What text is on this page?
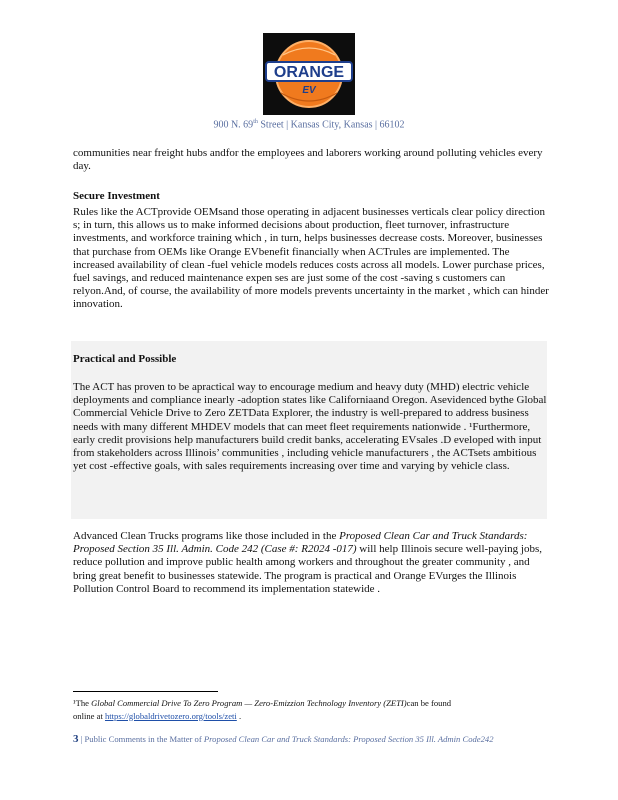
ORANGE
EV
900 N. 69th Street | Kansas City, Kansas | 66102
communities near freight hubs andfor the employees and laborers working around polluting vehicles every day.
Secure Investment
Rules like the ACTprovide OEMsand those operating in adjacent businesses verticals clear policy direction s; in turn, this allows us to make informed decisions about production, fleet turnover, infrastructure investments, and workforce training which , in turn, helps businesses decrease costs. Moreover, businesses that purchase from OEMs like Orange EVbenefit financially when ACTrules are implemented. The increased availability of clean -fuel vehicle models reduces costs across all models. Lower purchase prices, fuel savings, and reduced maintenance expen ses are just some of the cost -saving s customers can relyon.And, of course, the availability of more models prevents uncertainty in the market , which can hinder innovation.
Practical and Possible
The ACT has proven to be apractical way to encourage medium and heavy duty (MHD) electric vehicle deployments and compliance inearly -adoption states like Californiaand Oregon. Asevidenced bythe Global Commercial Vehicle Drive to Zero ZETData Explorer, the industry is well-prepared to address business needs with many different MHDEV models that can meet fleet requirements nationwide . ¹Furthermore, early credit provisions help manufacturers build credit banks, accelerating EVsales .D eveloped with input from stakeholders across Illinois’ communities , including vehicle manufacturers , the ACTsets ambitious yet cost -effective goals, with sales requirements increasing over time and varying by vehicle class.
Advanced Clean Trucks programs like those included in the Proposed Clean Car and Truck Standards: Proposed Section 35 Ill. Admin. Code 242 (Case #: R2024 -017) will help Illinois secure well-paying jobs, reduce pollution and improve public health among workers and throughout the greater community , and bring great benefit to businesses statewide. The program is practical and Orange EVurges the Illinois Pollution Control Board to recommend its implementation statewide .
¹The Global Commercial Drive To Zero Program — Zero-Emizzion Technology Inventory (ZETI)can be found
online at https://globaldrivetozero.org/tools/zeti .
3 | Public Comments in the Matter of Proposed Clean Car and Truck Standards: Proposed Section 35 Ill. Admin Code242
